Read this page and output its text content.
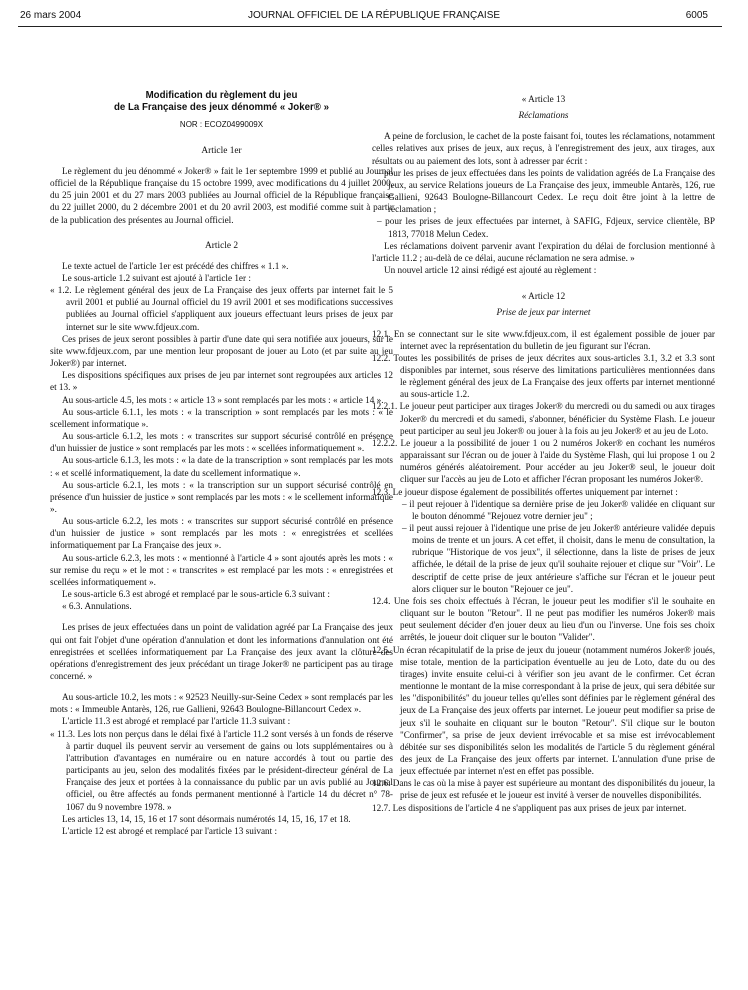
26 mars 2004	JOURNAL OFFICIEL DE LA RÉPUBLIQUE FRANÇAISE	6005
Modification du règlement du jeu
de La Française des jeux dénommé « Joker® »
NOR : ECOZ0499009X
Article 1er

Le règlement du jeu dénommé « Joker® » fait le 1er septembre 1999 et publié au Journal officiel de la République française du 15 octobre 1999, avec modifications du 4 juillet 2000, du 25 juin 2001 et du 27 mars 2003 publiées au Journal officiel de la République française du 22 juillet 2000, du 2 décembre 2001 et du 20 avril 2003, est modifié comme suit à partir de la publication des présentes au Journal officiel.

Article 2

Le texte actuel de l'article 1er est précédé des chiffres « 1.1 ».

Le sous-article 1.2 suivant est ajouté à l'article 1er :

« 1.2. Le règlement général des jeux de La Française des jeux offerts par internet fait le 5 avril 2001 et publié au Journal officiel du 19 avril 2001 et ses modifications successives publiées au Journal officiel s'appliquent aux joueurs effectuant leurs prises de jeux par internet sur le site www.fdjeux.com.

Ces prises de jeux seront possibles à partir d'une date qui sera notifiée aux joueurs, sur le site www.fdjeux.com, par une mention leur proposant de jouer au Loto (et par suite au jeu Joker®) par internet.

Les dispositions spécifiques aux prises de jeu par internet sont regroupées aux articles 12 et 13. »

Au sous-article 4.5, les mots : « article 13 » sont remplacés par les mots : « article 14 ».

Au sous-article 6.1.1, les mots : « la transcription » sont remplacés par les mots : « le scellement informatique ».

Au sous-article 6.1.2, les mots : « transcrites sur support sécurisé contrôlé en présence d'un huissier de justice » sont remplacés par les mots : « scellées informatiquement ».

Au sous-article 6.1.3, les mots : « la date de la transcription » sont remplacés par les mots : « et scellé informatiquement, la date du scellement informatique ».

Au sous-article 6.2.1, les mots : « la transcription sur un support sécurisé contrôlé en présence d'un huissier de justice » sont remplacés par les mots : « le scellement informatique ».

Au sous-article 6.2.2, les mots : « transcrites sur support sécurisé contrôlé en présence d'un huissier de justice » sont remplacés par les mots : « enregistrées et scellées informatiquement par La Française des jeux ».

Au sous-article 6.2.3, les mots : « mentionné à l'article 4 » sont ajoutés après les mots : « sur remise du reçu » et le mot : « transcrites » est remplacé par les mots : « enregistrées et scellées informatiquement ».

Le sous-article 6.3 est abrogé et remplacé par le sous-article 6.3 suivant :

« 6.3. Annulations.

Les prises de jeux effectuées dans un point de validation agréé par La Française des jeux qui ont fait l'objet d'une opération d'annulation et dont les informations d'annulation ont été enregistrées et scellées informatiquement par La Française des jeux avant la clôture des opérations d'enregistrement des jeux précédant un tirage Joker® ne participent pas au tirage concerné. »

Au sous-article 10.2, les mots : « 92523 Neuilly-sur-Seine Cedex » sont remplacés par les mots : « Immeuble Antarès, 126, rue Gallieni, 92643 Boulogne-Billancourt Cedex ».

L'article 11.3 est abrogé et remplacé par l'article 11.3 suivant :

« 11.3. Les lots non perçus dans le délai fixé à l'article 11.2 sont versés à un fonds de réserve à partir duquel ils peuvent servir au versement de gains ou lots supplémentaires ou à l'attribution d'avantages en numéraire ou en nature accordés à tout ou partie des participants au jeu, selon des modalités fixées par le président-directeur général de La Française des jeux et portées à la connaissance du public par un avis publié au Journal officiel, ou être affectés au fonds permanent mentionné à l'article 14 du décret n° 78-1067 du 9 novembre 1978. »

Les articles 13, 14, 15, 16 et 17 sont désormais numérotés 14, 15, 16, 17 et 18.

L'article 12 est abrogé et remplacé par l'article 13 suivant :

« Article 13
Réclamations

A peine de forclusion, le cachet de la poste faisant foi, toutes les réclamations, notamment celles relatives aux prises de jeux, aux reçus, à l'enregistrement des jeux, aux tirages, aux résultats ou au paiement des lots, sont à adresser par écrit :

– pour les prises de jeux effectuées dans les points de validation agréés de La Française des jeux, au service Relations joueurs de La Française des jeux, immeuble Antarès, 126, rue Gallieni, 92643 Boulogne-Billancourt Cedex. Le reçu doit être joint à la lettre de réclamation ;

– pour les prises de jeux effectuées par internet, à SAFIG, Fdjeux, service clientèle, BP 1813, 77018 Melun Cedex.

Les réclamations doivent parvenir avant l'expiration du délai de forclusion mentionné à l'article 11.2 ; au-delà de ce délai, aucune réclamation ne sera admise. »

Un nouvel article 12 ainsi rédigé est ajouté au règlement :

« Article 12
Prise de jeux par internet

12.1. En se connectant sur le site www.fdjeux.com, il est également possible de jouer par internet avec la représentation du bulletin de jeu figurant sur l'écran.

12.2. Toutes les possibilités de prises de jeux décrites aux sous-articles 3.1, 3.2 et 3.3 sont disponibles par internet, sous réserve des limitations particulières mentionnées dans le règlement général des jeux de La Française des jeux offerts par internet mentionné au sous-article 1.2.

12.2.1. Le joueur peut participer aux tirages Joker® du mercredi ou du samedi ou aux tirages Joker® du mercredi et du samedi, s'abonner, bénéficier du Système Flash. Le joueur peut participer au seul jeu Joker® ou jouer à la fois au jeu Joker® et au jeu de Loto.

12.2.2. Le joueur a la possibilité de jouer 1 ou 2 numéros Joker® en cochant les numéros apparaissant sur l'écran ou de jouer à l'aide du Système Flash, qui lui propose 1 ou 2 numéros générés aléatoirement. Pour accéder au jeu Joker® seul, le joueur doit cliquer sur l'accès au jeu de Loto et afficher l'écran proposant les numéros Joker®.

12.3. Le joueur dispose également de possibilités offertes uniquement par internet :

– il peut rejouer à l'identique sa dernière prise de jeu Joker® validée en cliquant sur le bouton dénommé "Rejouez votre dernier jeu" ;

– il peut aussi rejouer à l'identique une prise de jeu Joker® antérieure validée depuis moins de trente et un jours. A cet effet, il choisit, dans le menu de consultation, la rubrique "Historique de vos jeux", il sélectionne, dans la liste de prises de jeux affichée, le détail de la prise de jeux qu'il souhaite rejouer et clique sur "Voir". Le descriptif de cette prise de jeux antérieure s'affiche sur l'écran et le joueur peut alors cliquer sur le bouton "Rejouer ce jeu".

12.4. Une fois ses choix effectués à l'écran, le joueur peut les modifier s'il le souhaite en cliquant sur le bouton "Retour". Il ne peut pas modifier les numéros Joker® mais peut seulement décider d'en jouer deux au lieu d'un ou l'inverse. Une fois ses choix arrêtés, le joueur doit cliquer sur le bouton "Valider".

12.5. Un écran récapitulatif de la prise de jeux du joueur (notamment numéros Joker® joués, mise totale, mention de la participation éventuelle au jeu de Loto, date du ou des tirages) invite ensuite celui-ci à vérifier son jeu avant de le confirmer. Cet écran mentionne le montant de la mise correspondant à la prise de jeux, qui sera débitée sur les "disponibilités" du joueur telles qu'elles sont définies par le règlement général des jeux de La Française des jeux offerts par internet. Le joueur peut modifier sa prise de jeux s'il le souhaite en cliquant sur le bouton "Retour". S'il clique sur le bouton "Confirmer", sa prise de jeux devient irrévocable et sa mise est irrévocablement débitée sur ses disponibilités selon les modalités de l'article 5 du règlement général des jeux de La Française des jeux offerts par internet. L'annulation d'une prise de jeux effectuée par internet n'est en effet pas possible.

12.6. Dans le cas où la mise à payer est supérieure au montant des disponibilités du joueur, la prise de jeux est refusée et le joueur est invité à verser de nouvelles disponibilités.

12.7. Les dispositions de l'article 4 ne s'appliquent pas aux prises de jeux par internet.
